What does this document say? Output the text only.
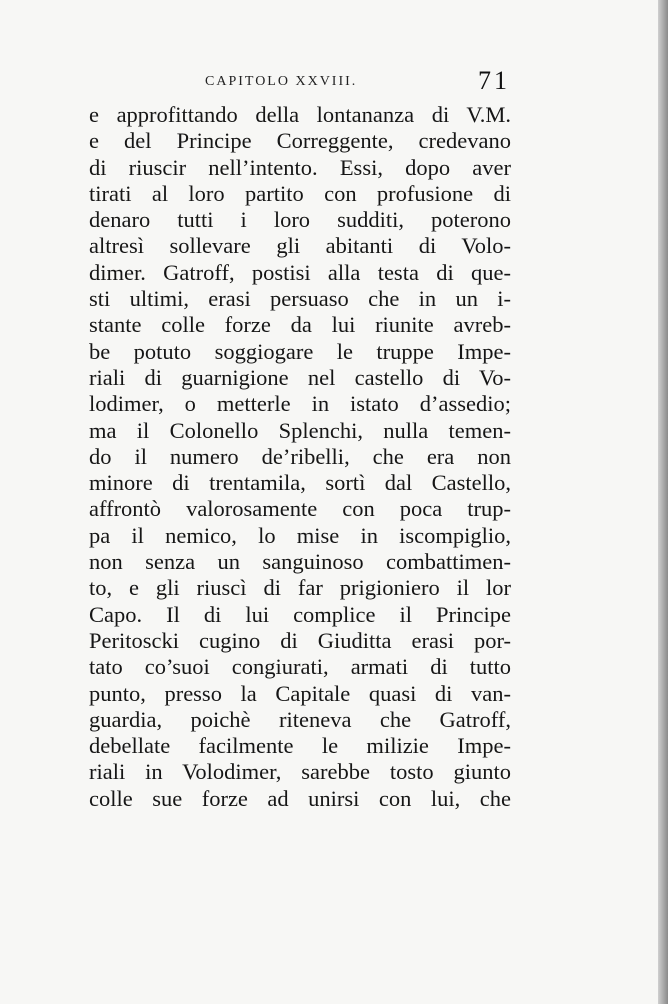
CAPITOLO XXVIII.	71
e approfittando della lontananza di V.M.
e del Principe Correggente, credevano
di riuscir nell’intento. Essi, dopo aver
tirati al loro partito con profusione di
denaro tutti i loro sudditi, poterono
altresì sollevare gli abitanti di Volo-
dimer. Gatroff, postisi alla testa di que-
sti ultimi, erasi persuaso che in un i-
stante colle forze da lui riunite avreb-
be potuto soggiogare le truppe Impe-
riali di guarnigione nel castello di Vo-
lodimer, o metterle in istato d’assedio;
ma il Colonello Splenchi, nulla temen-
do il numero de’ribelli, che era non
minore di trentamila, sortì dal Castello,
affrontò valorosamente con poca trup-
pa il nemico, lo mise in iscompiglio,
non senza un sanguinoso combattimen-
to, e gli riuscì di far prigioniero il lor
Capo. Il di lui complice il Principe
Peritoscki cugino di Giuditta erasi por-
tato co’suoi congiurati, armati di tutto
punto, presso la Capitale quasi di van-
guardia, poichè riteneva che Gatroff,
debellate facilmente le milizie Impe-
riali in Volodimer, sarebbe tosto giunto
colle sue forze ad unirsi con lui, che
